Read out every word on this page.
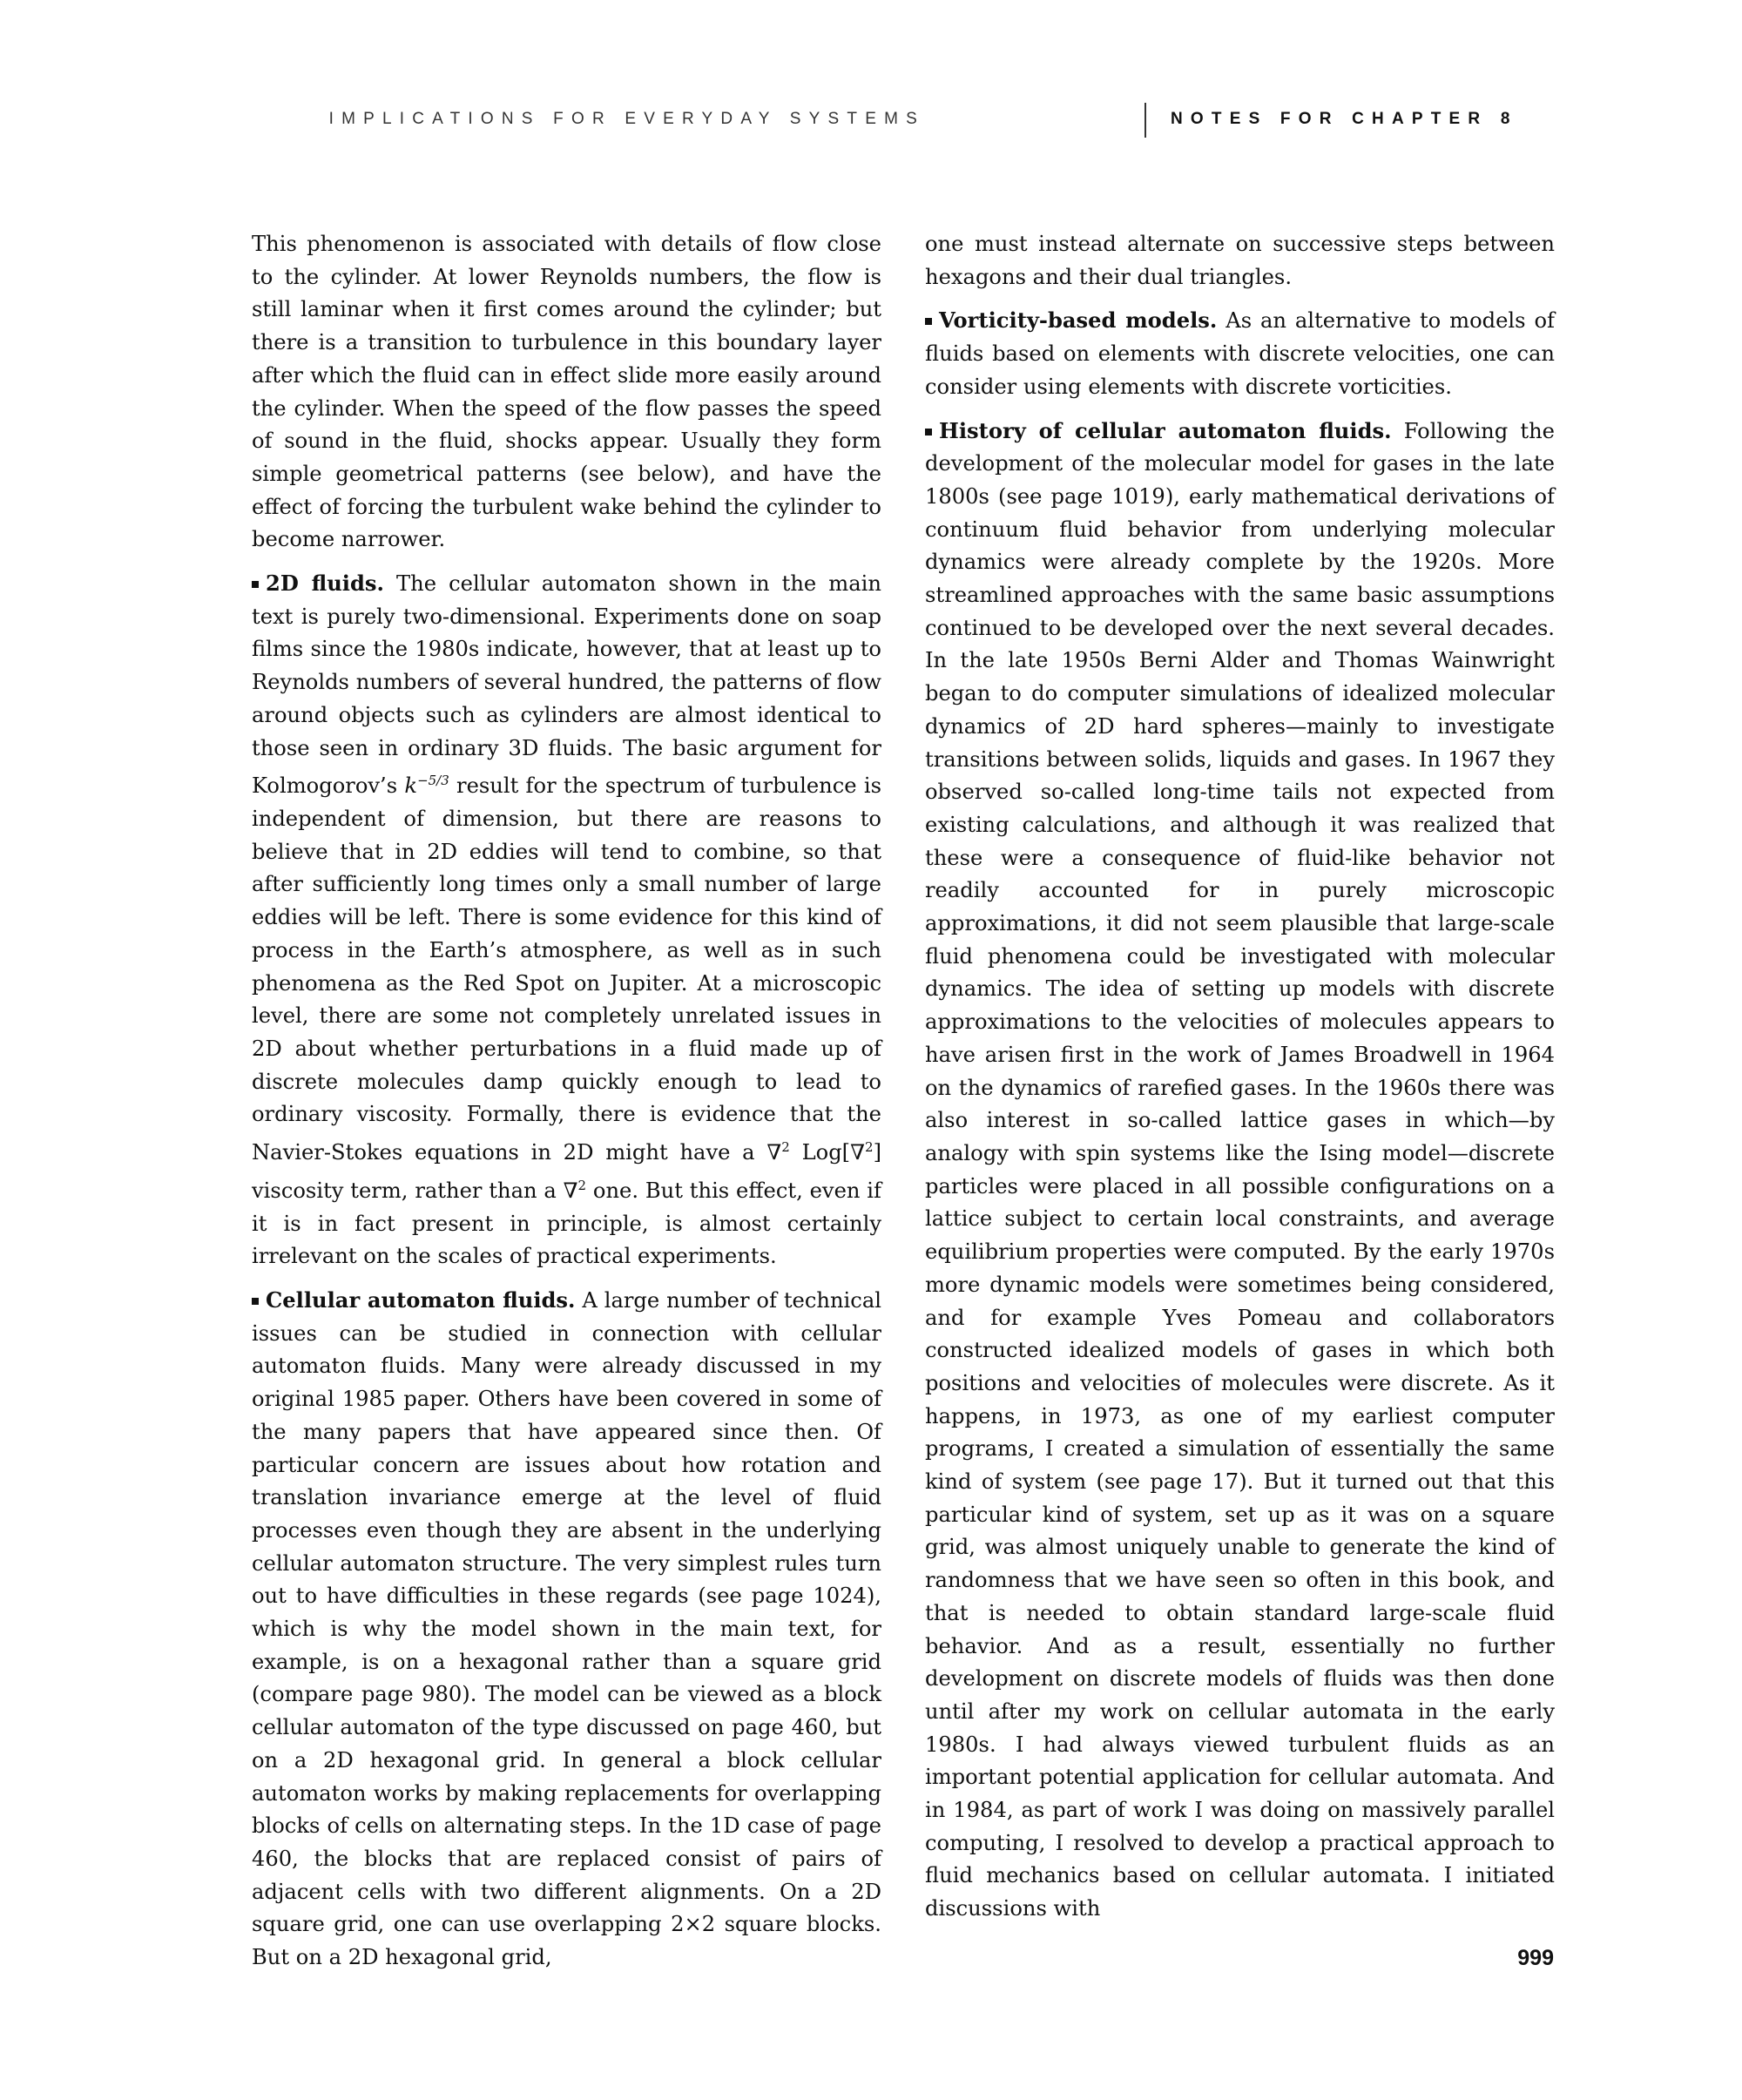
IMPLICATIONS FOR EVERYDAY SYSTEMS	NOTES FOR CHAPTER 8

This phenomenon is associated with details of flow close to the cylinder. At lower Reynolds numbers, the flow is still laminar when it first comes around the cylinder; but there is a transition to turbulence in this boundary layer after which the fluid can in effect slide more easily around the cylinder. When the speed of the flow passes the speed of sound in the fluid, shocks appear. Usually they form simple geometrical patterns (see below), and have the effect of forcing the turbulent wake behind the cylinder to become narrower.

2D fluids. The cellular automaton shown in the main text is purely two-dimensional. Experiments done on soap films since the 1980s indicate, however, that at least up to Reynolds numbers of several hundred, the patterns of flow around objects such as cylinders are almost identical to those seen in ordinary 3D fluids. The basic argument for Kolmogorov’s $k^{-5/3}$ result for the spectrum of turbulence is independent of dimension, but there are reasons to believe that in 2D eddies will tend to combine, so that after sufficiently long times only a small number of large eddies will be left. There is some evidence for this kind of process in the Earth’s atmosphere, as well as in such phenomena as the Red Spot on Jupiter. At a microscopic level, there are some not completely unrelated issues in 2D about whether perturbations in a fluid made up of discrete molecules damp quickly enough to lead to ordinary viscosity. Formally, there is evidence that the Navier-Stokes equations in 2D might have a ∇$^2$ Log[∇$^2$] viscosity term, rather than a ∇$^2$ one. But this effect, even if it is in fact present in principle, is almost certainly irrelevant on the scales of practical experiments.

Cellular automaton fluids. A large number of technical issues can be studied in connection with cellular automaton fluids. Many were already discussed in my original 1985 paper. Others have been covered in some of the many papers that have appeared since then. Of particular concern are issues about how rotation and translation invariance emerge at the level of fluid processes even though they are absent in the underlying cellular automaton structure. The very simplest rules turn out to have difficulties in these regards (see page 1024), which is why the model shown in the main text, for example, is on a hexagonal rather than a square grid (compare page 980). The model can be viewed as a block cellular automaton of the type discussed on page 460, but on a 2D hexagonal grid. In general a block cellular automaton works by making replacements for overlapping blocks of cells on alternating steps. In the 1D case of page 460, the blocks that are replaced consist of pairs of adjacent cells with two different alignments. On a 2D square grid, one can use overlapping 2×2 square blocks. But on a 2D hexagonal grid,

one must instead alternate on successive steps between hexagons and their dual triangles.

Vorticity-based models. As an alternative to models of fluids based on elements with discrete velocities, one can consider using elements with discrete vorticities.

History of cellular automaton fluids. Following the development of the molecular model for gases in the late 1800s (see page 1019), early mathematical derivations of continuum fluid behavior from underlying molecular dynamics were already complete by the 1920s. More streamlined approaches with the same basic assumptions continued to be developed over the next several decades. In the late 1950s Berni Alder and Thomas Wainwright began to do computer simulations of idealized molecular dynamics of 2D hard spheres—mainly to investigate transitions between solids, liquids and gases. In 1967 they observed so-called long-time tails not expected from existing calculations, and although it was realized that these were a consequence of fluid-like behavior not readily accounted for in purely microscopic approximations, it did not seem plausible that large-scale fluid phenomena could be investigated with molecular dynamics. The idea of setting up models with discrete approximations to the velocities of molecules appears to have arisen first in the work of James Broadwell in 1964 on the dynamics of rarefied gases. In the 1960s there was also interest in so-called lattice gases in which—by analogy with spin systems like the Ising model—discrete particles were placed in all possible configurations on a lattice subject to certain local constraints, and average equilibrium properties were computed. By the early 1970s more dynamic models were sometimes being considered, and for example Yves Pomeau and collaborators constructed idealized models of gases in which both positions and velocities of molecules were discrete. As it happens, in 1973, as one of my earliest computer programs, I created a simulation of essentially the same kind of system (see page 17). But it turned out that this particular kind of system, set up as it was on a square grid, was almost uniquely unable to generate the kind of randomness that we have seen so often in this book, and that is needed to obtain standard large-scale fluid behavior. And as a result, essentially no further development on discrete models of fluids was then done until after my work on cellular automata in the early 1980s. I had always viewed turbulent fluids as an important potential application for cellular automata. And in 1984, as part of work I was doing on massively parallel computing, I resolved to develop a practical approach to fluid mechanics based on cellular automata. I initiated discussions with

999
